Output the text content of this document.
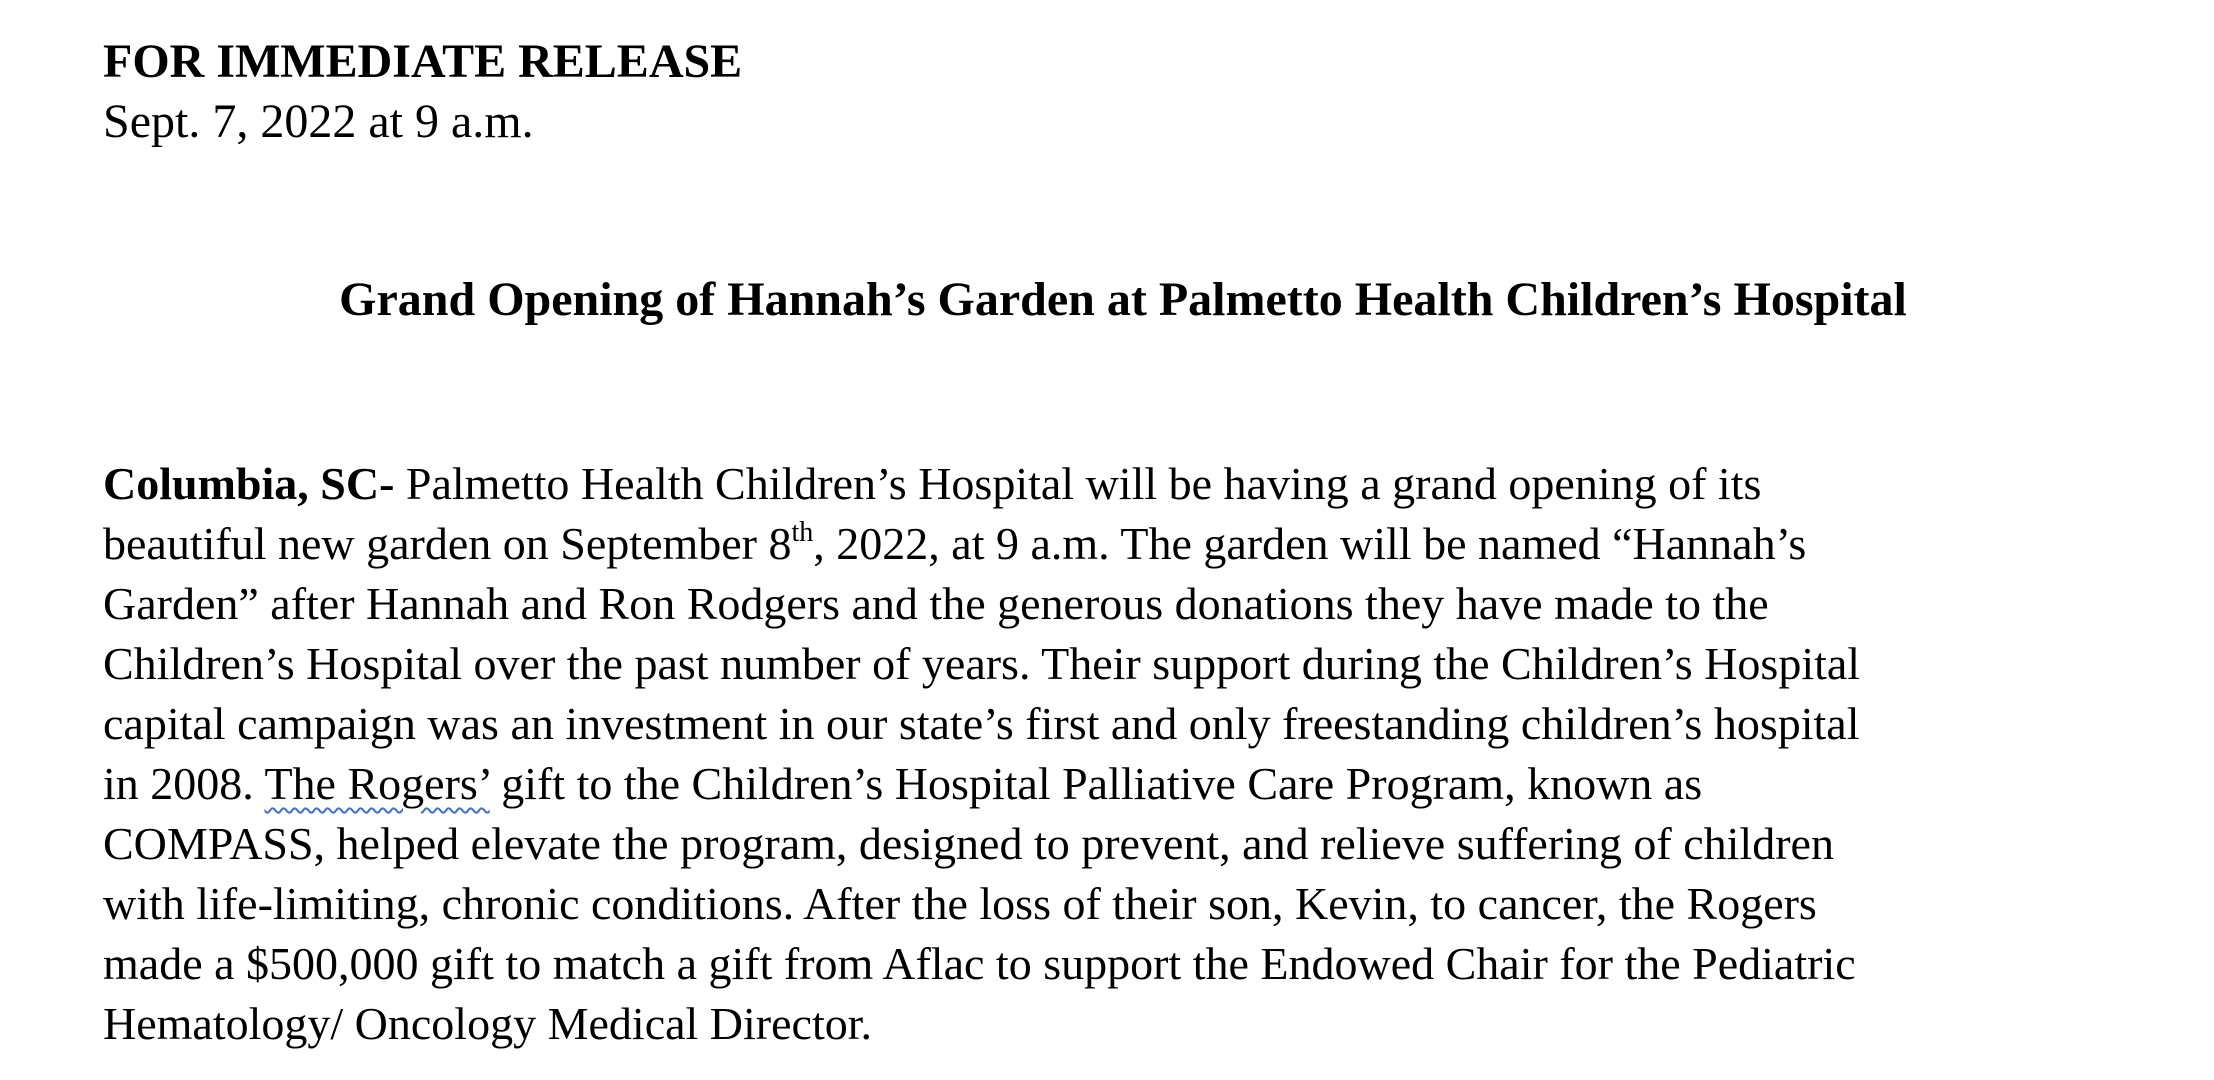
FOR IMMEDIATE RELEASE
Sept. 7, 2022 at 9 a.m.
Grand Opening of Hannah’s Garden at Palmetto Health Children’s Hospital
Columbia, SC- Palmetto Health Children’s Hospital will be having a grand opening of its
beautiful new garden on September 8th, 2022, at 9 a.m. The garden will be named “Hannah’s
Garden” after Hannah and Ron Rodgers and the generous donations they have made to the
Children’s Hospital over the past number of years. Their support during the Children’s Hospital
capital campaign was an investment in our state’s first and only freestanding children’s hospital
in 2008. The Rogers’ gift to the Children’s Hospital Palliative Care Program, known as
COMPASS, helped elevate the program, designed to prevent, and relieve suffering of children
with life-limiting, chronic conditions. After the loss of their son, Kevin, to cancer, the Rogers
made a $500,000 gift to match a gift from Aflac to support the Endowed Chair for the Pediatric
Hematology/ Oncology Medical Director.
